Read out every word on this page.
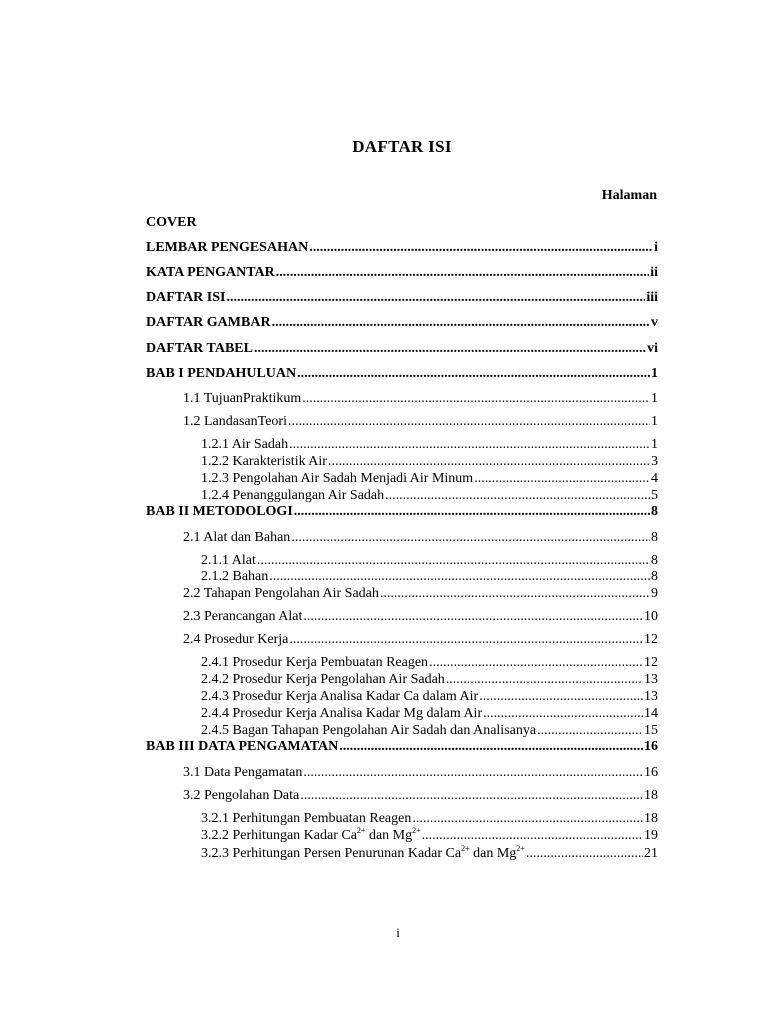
DAFTAR ISI
Halaman
COVER
LEMBAR PENGESAHAN .....	i
KATA PENGANTAR .....	ii
DAFTAR ISI .....	iii
DAFTAR GAMBAR .....	v
DAFTAR TABEL .....	vi
BAB I PENDAHULUAN .....	1
1.1 TujuanPraktikum .....	1
1.2 LandasanTeori .....	1
1.2.1 Air Sadah .....	1
1.2.2 Karakteristik Air .....	3
1.2.3 Pengolahan Air Sadah Menjadi Air Minum .....	4
1.2.4 Penanggulangan Air Sadah .....	5
BAB II METODOLOGI .....	8
2.1 Alat dan Bahan .....	8
2.1.1 Alat .....	8
2.1.2 Bahan .....	8
2.2 Tahapan Pengolahan Air Sadah .....	9
2.3 Perancangan Alat .....	10
2.4 Prosedur Kerja .....	12
2.4.1 Prosedur Kerja Pembuatan Reagen .....	12
2.4.2 Prosedur Kerja Pengolahan Air Sadah .....	13
2.4.3 Prosedur Kerja Analisa Kadar Ca dalam Air .....	13
2.4.4 Prosedur Kerja Analisa Kadar Mg dalam Air .....	14
2.4.5 Bagan Tahapan Pengolahan Air Sadah dan Analisanya .....	15
BAB III DATA PENGAMATAN .....	16
3.1 Data Pengamatan .....	16
3.2 Pengolahan Data .....	18
3.2.1 Perhitungan Pembuatan Reagen .....	18
3.2.2 Perhitungan Kadar $Ca^{2+}$ dan $Mg^{2+}$ .....	19
3.2.3 Perhitungan Persen Penurunan Kadar $Ca^{2+}$ dan $Mg^{2+}$ .....	21
i
